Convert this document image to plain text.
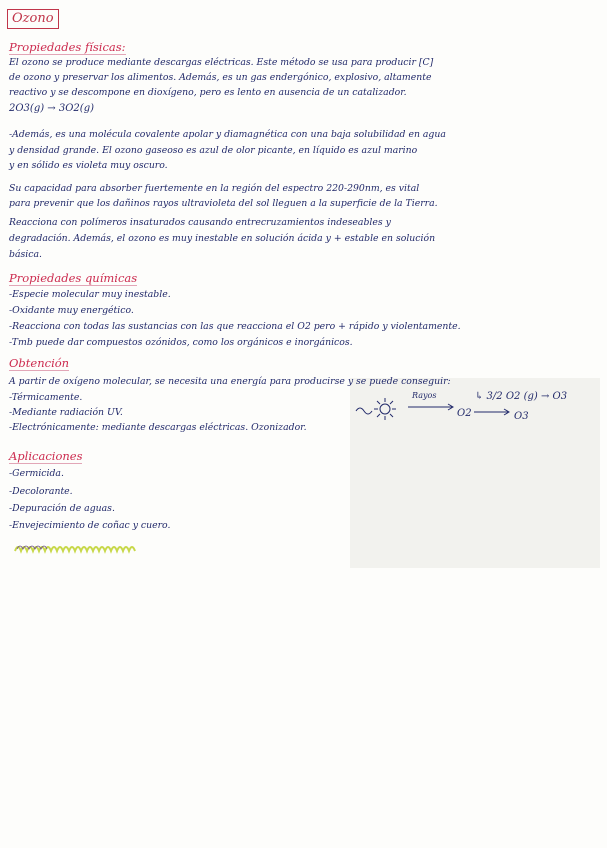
Ozono
Propiedades físicas:
El ozono se produce mediante descargas eléctricas. Este método se usa para producir [C]
de ozono y preservar los alimentos. Además, es un gas endergónico, explosivo, altamente
reactivo y se descompone en dioxígeno, pero es lento en ausencia de un catalizador.
2O3(g) → 3O2(g)
-Además, es una molécula covalente apolar y diamagnética con una baja solubilidad en agua
y densidad grande. El ozono gaseoso es azul de olor picante, en líquido es azul marino
y en sólido es violeta muy oscuro.
Su capacidad para absorber fuertemente en la región del espectro 220-290nm, es vital
para prevenir que los dañinos rayos ultravioleta del sol lleguen a la superficie de la Tierra.
Reacciona con polímeros insaturados causando entrecruzamientos indeseables y
degradación. Además, el ozono es muy inestable en solución ácida y + estable en solución
básica.
Propiedades químicas
-Especie molecular muy inestable.
-Oxidante muy energético.
-Reacciona con todas las sustancias con las que reacciona el O2 pero + rápido y violentamente.
-Tmb puede dar compuestos ozónidos, como los orgánicos e inorgánicos.
Rayos
O2	O3
↳ 3/2 O2 (g) → O3
Obtención
A partir de oxígeno molecular, se necesita una energía para producirse y se puede conseguir:
-Térmicamente.
-Mediante radiación UV.
-Electrónicamente: mediante descargas eléctricas. Ozonizador.
Aplicaciones
-Germicida.
-Decolorante.
-Depuración de aguas.
-Envejecimiento de coñac y cuero.
